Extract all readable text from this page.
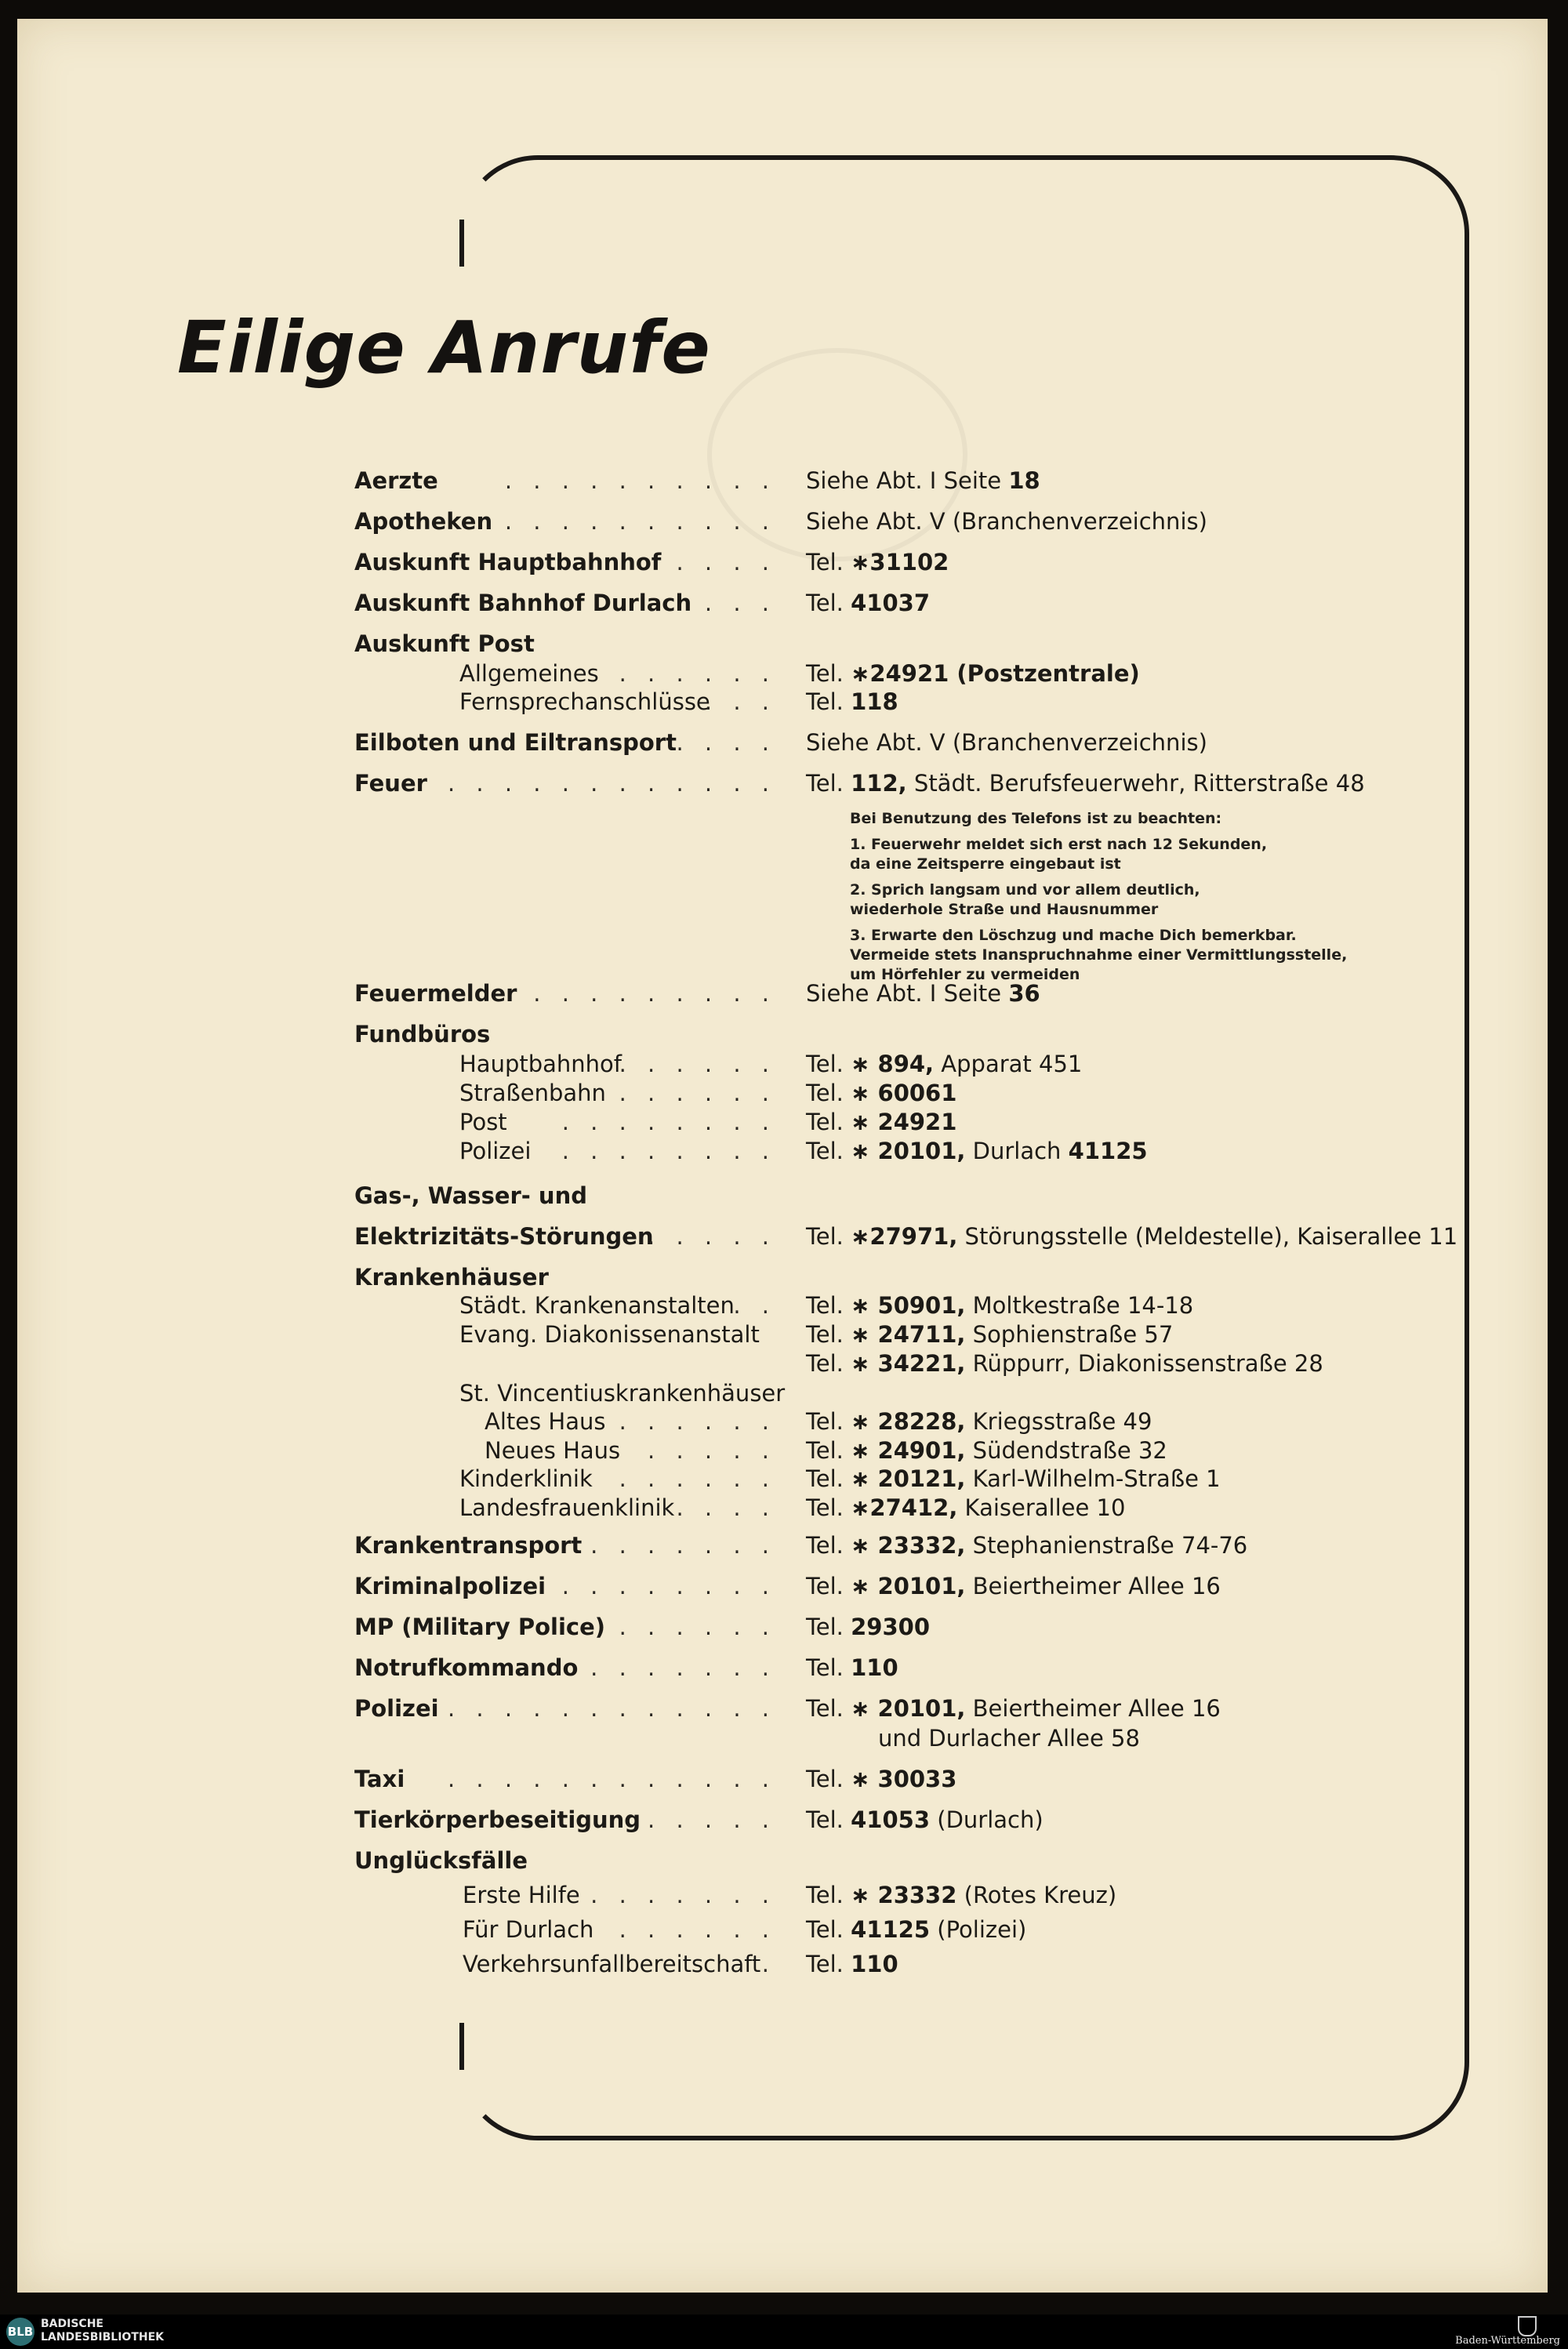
Eilige Anrufe
Aerzte	. . . . . . . . . . Siehe Abt. I Seite 18
Apotheken . . . . . . . . . . Siehe Abt. V (Branchenverzeichnis)
Auskunft Hauptbahnhof . . . . Tel. ∗31102
Auskunft Bahnhof Durlach . . . Tel. 41037
Auskunft Post
Allgemeines . . . . . . Tel. ∗24921 (Postzentrale)
Fernsprechanschlüsse
. . . Tel. 118
Eilboten und Eiltransport . . . . Siehe Abt. V (Branchenverzeichnis)
Feuer . . . . . . . . . . . . Tel. 112, Städt. Berufsfeuerwehr, Ritterstraße 48

Bei Benutzung des Telefons ist zu beachten:

1. Feuerwehr meldet sich erst nach 12 Sekunden,

da eine Zeitsperre eingebaut ist

2. Sprich langsam und vor allem deutlich,

wiederhole Straße und Hausnummer

3. Erwarte den Löschzug und mache Dich bemerkbar.
Vermeide stets Inanspruchnahme einer Vermittlungsstelle,
um Hörfehler zu vermeiden
Feuermelder . . . . . . . . . Siehe Abt. I Seite 36
Fundbüros
Hauptbahnhof
. . . . . . Tel. ∗ 894, Apparat 451
Straßenbahn . . . . . . Tel. ∗ 60061
Post . . . . . . . . Tel. ∗ 24921
Polizei . . . . . . . . Tel. ∗ 20101, Durlach 41125
Gas-, Wasser- und
Elektrizitäts-Störungen
. . . . . Tel. ∗27971, Störungsstelle (Meldestelle), Kaiserallee 11
Krankenhäuser
Städt. Krankenanstalten
. . Tel. ∗ 50901, Moltkestraße 14-18
Evang. Diakonissenanstalt Tel. ∗ 24711, Sophienstraße 57
Tel. ∗ 34221, Rüppurr, Diakonissenstraße 28
St. Vincentiuskrankenhäuser
Altes Haus . . . . . . Tel. ∗ 28228, Kriegsstraße 49
Neues Haus . . . . . Tel. ∗ 24901, Südendstraße 32
Kinderklinik . . . . . . Tel. ∗ 20121, Karl-Wilhelm-Straße 1
Landesfrauenklinik . . . . Tel. ∗27412, Kaiserallee 10
Krankentransport . . . . . . . Tel. ∗ 23332, Stephanienstraße 74-76
Kriminalpolizei . . . . . . . . Tel. ∗ 20101, Beiertheimer Allee 16
MP (Military Police) . . . . . . Tel. 29300
Notrufkommando . . . . . . . Tel. 110
Polizei . . . . . . . . . . . . Tel. ∗ 20101, Beiertheimer Allee 16
und Durlacher Allee 58
Taxi . . . . . . . . . . . . Tel. ∗ 30033
Tierkörperbeseitigung . . . . . Tel. 41053 (Durlach)
Unglücksfälle
Erste Hilfe . . . . . . . Tel. ∗ 23332 (Rotes Kreuz)
Für Durlach . . . . . . Tel. 41125 (Polizei)
Verkehrsunfallbereitschaft . Tel. 110
BLB
BADISCHE
LANDESBIBLIOTHEK	Baden-Württemberg
